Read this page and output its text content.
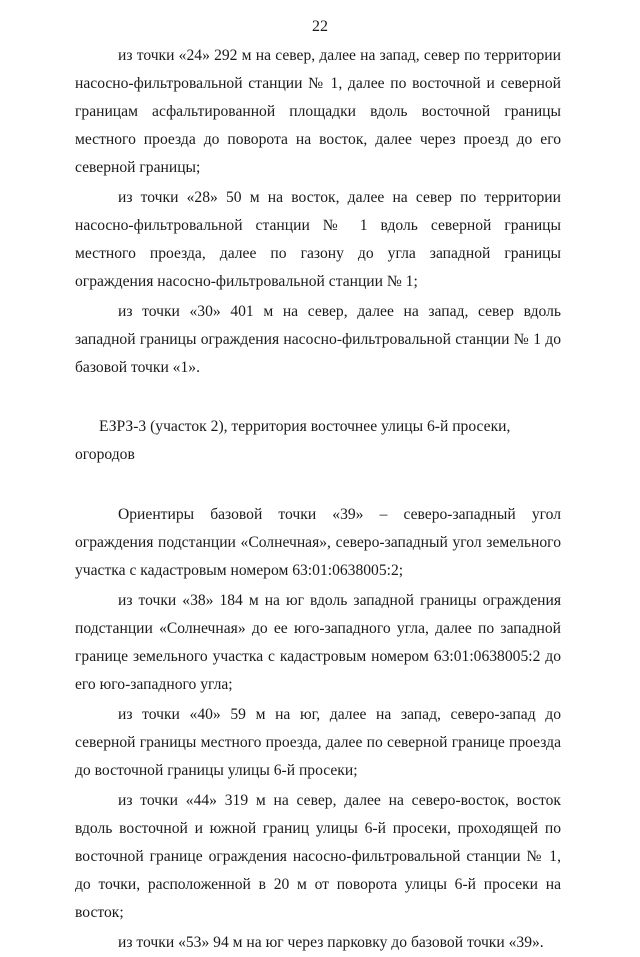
22

из точки «24» 292 м на север, далее на запад, север по территории насосно-фильтровальной станции № 1, далее по восточной и северной границам асфальтированной площадки вдоль восточной границы местного проезда до поворота на восток, далее через проезд до его северной границы;

из точки «28» 50 м на восток, далее на север по территории насосно-фильтровальной станции № 1 вдоль северной границы местного проезда, далее по газону до угла западной границы ограждения насосно-фильтровальной станции № 1;

из точки «30» 401 м на север, далее на запад, север вдоль западной границы ограждения насосно-фильтровальной станции № 1 до базовой точки «1».

ЕЗРЗ-3 (участок 2), территория восточнее улицы 6-й просеки, огородов

Ориентиры базовой точки «39» – северо-западный угол ограждения подстанции «Солнечная», северо-западный угол земельного участка с кадастровым номером 63:01:0638005:2;

из точки «38» 184 м на юг вдоль западной границы ограждения подстанции «Солнечная» до ее юго-западного угла, далее по западной границе земельного участка с кадастровым номером 63:01:0638005:2 до его юго-западного угла;

из точки «40» 59 м на юг, далее на запад, северо-запад до северной границы местного проезда, далее по северной границе проезда до восточной границы улицы 6-й просеки;

из точки «44» 319 м на север, далее на северо-восток, восток вдоль восточной и южной границ улицы 6-й просеки, проходящей по восточной границе ограждения насосно-фильтровальной станции № 1, до точки, расположенной в 20 м от поворота улицы 6-й просеки на восток;

из точки «53» 94 м на юг через парковку до базовой точки «39».
